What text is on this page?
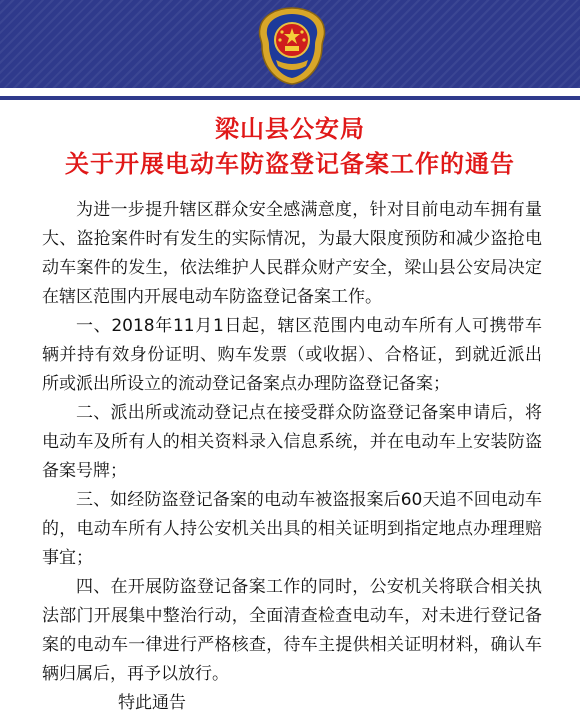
梁山县公安局
关于开展电动车防盗登记备案工作的通告

为进一步提升辖区群众安全感满意度，针对目前电动车拥有量大、盗抢案件时有发生的实际情况，为最大限度预防和减少盗抢电动车案件的发生，依法维护人民群众财产安全，梁山县公安局决定在辖区范围内开展电动车防盗登记备案工作。

一、2018年11月1日起，辖区范围内电动车所有人可携带车辆并持有效身份证明、购车发票（或收据）、合格证，到就近派出所或派出所设立的流动登记备案点办理防盗登记备案；

二、派出所或流动登记点在接受群众防盗登记备案申请后，将电动车及所有人的相关资料录入信息系统，并在电动车上安装防盗备案号牌；

三、如经防盗登记备案的电动车被盗报案后60天追不回电动车的，电动车所有人持公安机关出具的相关证明到指定地点办理理赔事宜；

四、在开展防盗登记备案工作的同时，公安机关将联合相关执法部门开展集中整治行动，全面清查检查电动车，对未进行登记备案的电动车一律进行严格核查，待车主提供相关证明材料，确认车辆归属后，再予以放行。

特此通告
